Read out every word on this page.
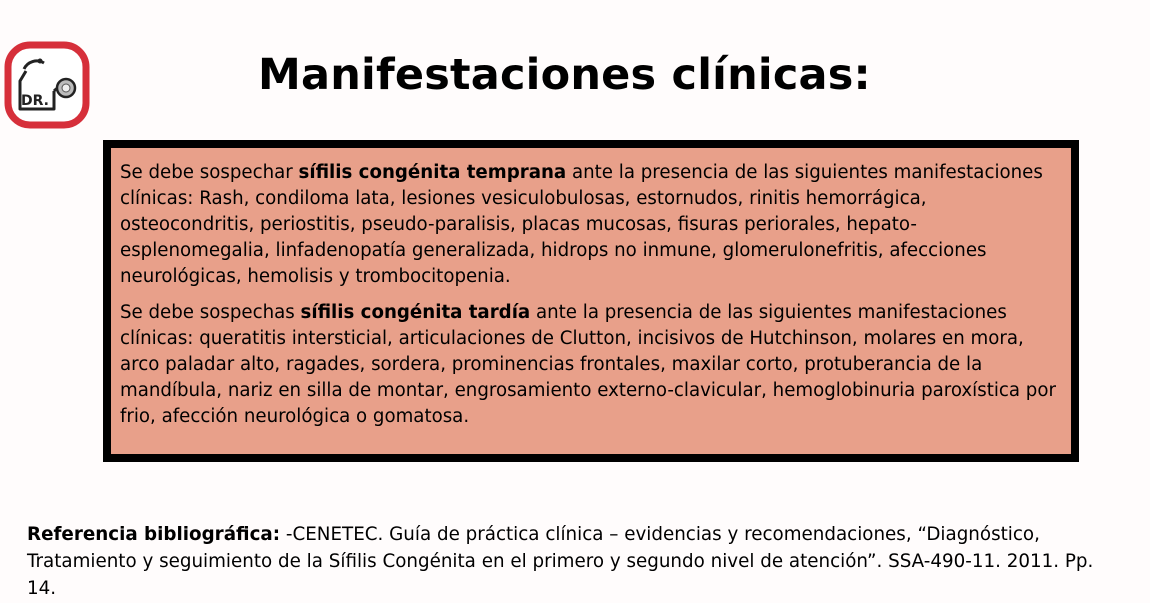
DR.
Manifestaciones clínicas:

Se debe sospechar sífilis congénita temprana ante la presencia de las siguientes manifestaciones clínicas: Rash, condiloma lata, lesiones vesiculobulosas, estornudos, rinitis hemorrágica, osteocondritis, periostitis, pseudo-paralisis, placas mucosas, fisuras periorales, hepato-esplenomegalia, linfadenopatía generalizada, hidrops no inmune, glomerulonefritis, afecciones neurológicas, hemolisis y trombocitopenia.

Se debe sospechas sífilis congénita tardía ante la presencia de las siguientes manifestaciones clínicas: queratitis intersticial, articulaciones de Clutton, incisivos de Hutchinson, molares en mora, arco paladar alto, ragades, sordera, prominencias frontales, maxilar corto, protuberancia de la mandíbula, nariz en silla de montar, engrosamiento externo-clavicular, hemoglobinuria paroxística por frio, afección neurológica o gomatosa.

Referencia bibliográfica: -CENETEC. Guía de práctica clínica – evidencias y recomendaciones, “Diagnóstico, Tratamiento y seguimiento de la Sífilis Congénita en el primero y segundo nivel de atención”. SSA-490-11. 2011. Pp. 14.
